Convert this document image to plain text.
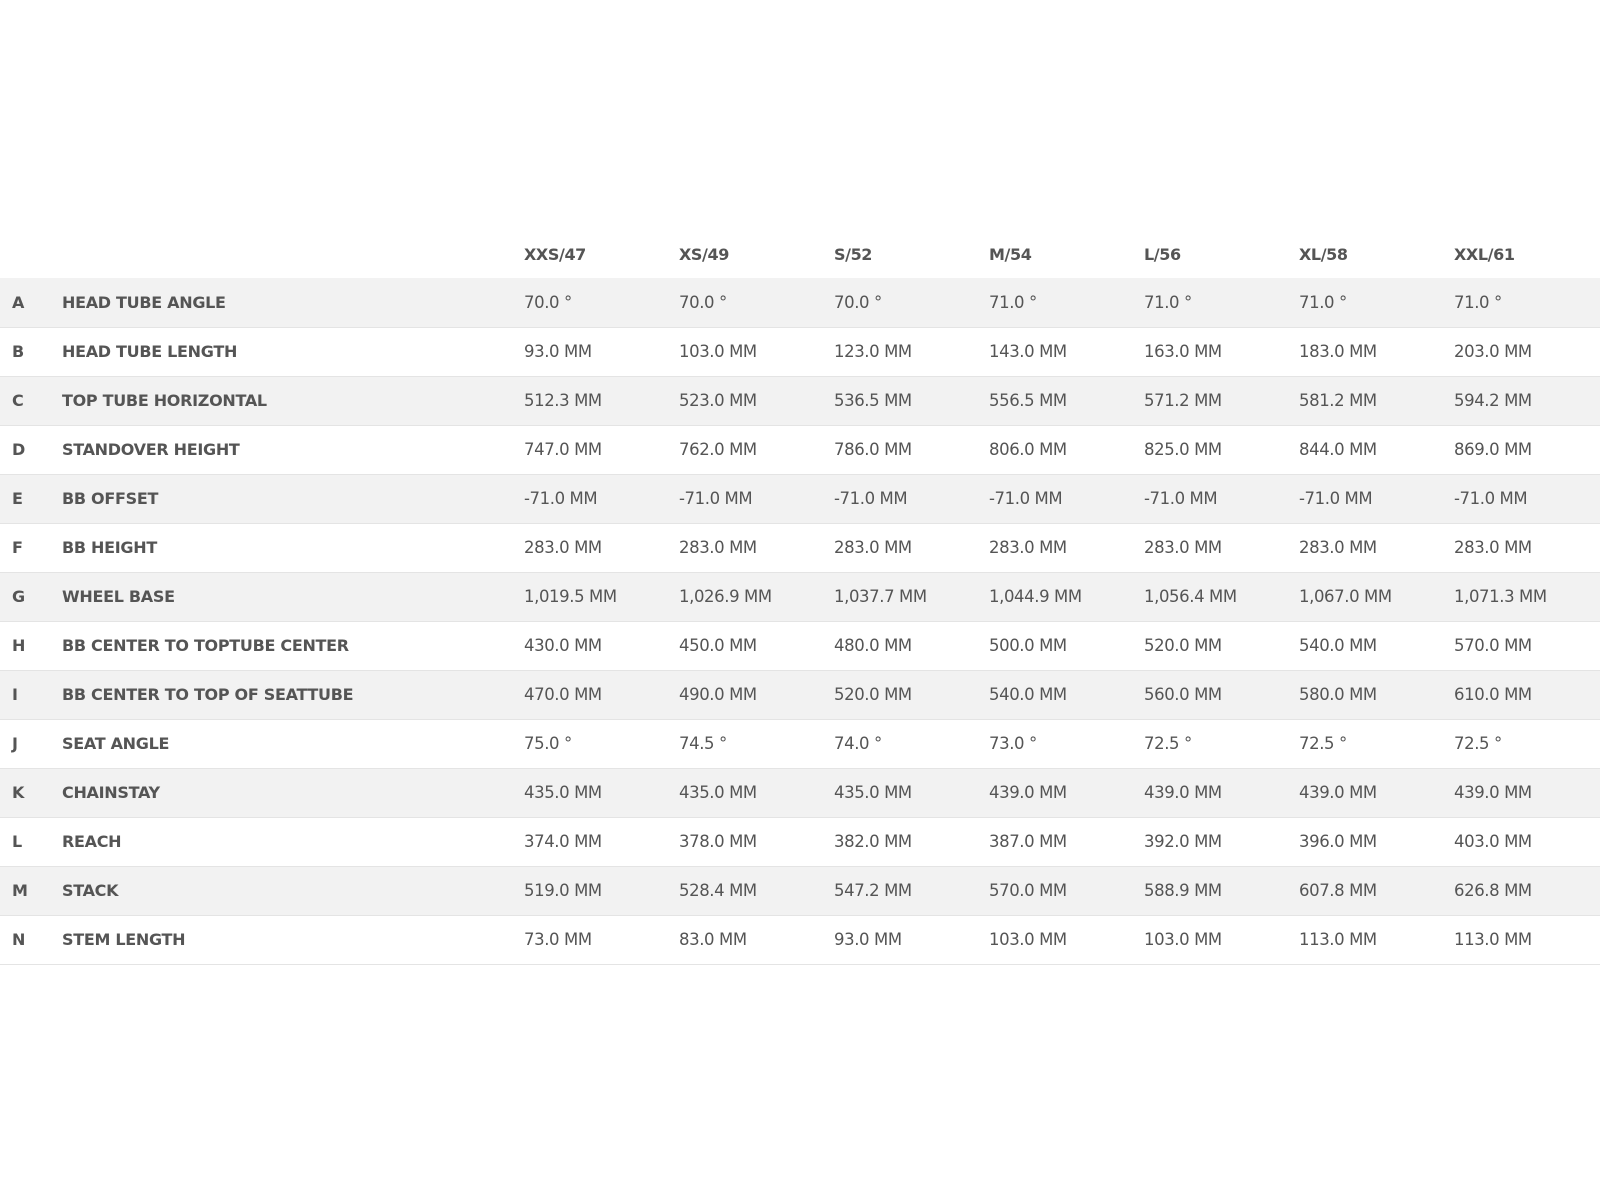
		XXS/47	XS/49	S/52	M/54	L/56	XL/58	XXL/61
A	HEAD TUBE ANGLE	70.0 °	70.0 °	70.0 °	71.0 °	71.0 °	71.0 °	71.0 °
B	HEAD TUBE LENGTH	93.0 MM	103.0 MM	123.0 MM	143.0 MM	163.0 MM	183.0 MM	203.0 MM
C	TOP TUBE HORIZONTAL	512.3 MM	523.0 MM	536.5 MM	556.5 MM	571.2 MM	581.2 MM	594.2 MM
D	STANDOVER HEIGHT	747.0 MM	762.0 MM	786.0 MM	806.0 MM	825.0 MM	844.0 MM	869.0 MM
E	BB OFFSET	-71.0 MM	-71.0 MM	-71.0 MM	-71.0 MM	-71.0 MM	-71.0 MM	-71.0 MM
F	BB HEIGHT	283.0 MM	283.0 MM	283.0 MM	283.0 MM	283.0 MM	283.0 MM	283.0 MM
G	WHEEL BASE	1,019.5 MM	1,026.9 MM	1,037.7 MM	1,044.9 MM	1,056.4 MM	1,067.0 MM	1,071.3 MM
H	BB CENTER TO TOPTUBE CENTER	430.0 MM	450.0 MM	480.0 MM	500.0 MM	520.0 MM	540.0 MM	570.0 MM
I	BB CENTER TO TOP OF SEATTUBE	470.0 MM	490.0 MM	520.0 MM	540.0 MM	560.0 MM	580.0 MM	610.0 MM
J	SEAT ANGLE	75.0 °	74.5 °	74.0 °	73.0 °	72.5 °	72.5 °	72.5 °
K	CHAINSTAY	435.0 MM	435.0 MM	435.0 MM	439.0 MM	439.0 MM	439.0 MM	439.0 MM
L	REACH	374.0 MM	378.0 MM	382.0 MM	387.0 MM	392.0 MM	396.0 MM	403.0 MM
M	STACK	519.0 MM	528.4 MM	547.2 MM	570.0 MM	588.9 MM	607.8 MM	626.8 MM
N	STEM LENGTH	73.0 MM	83.0 MM	93.0 MM	103.0 MM	103.0 MM	113.0 MM	113.0 MM
